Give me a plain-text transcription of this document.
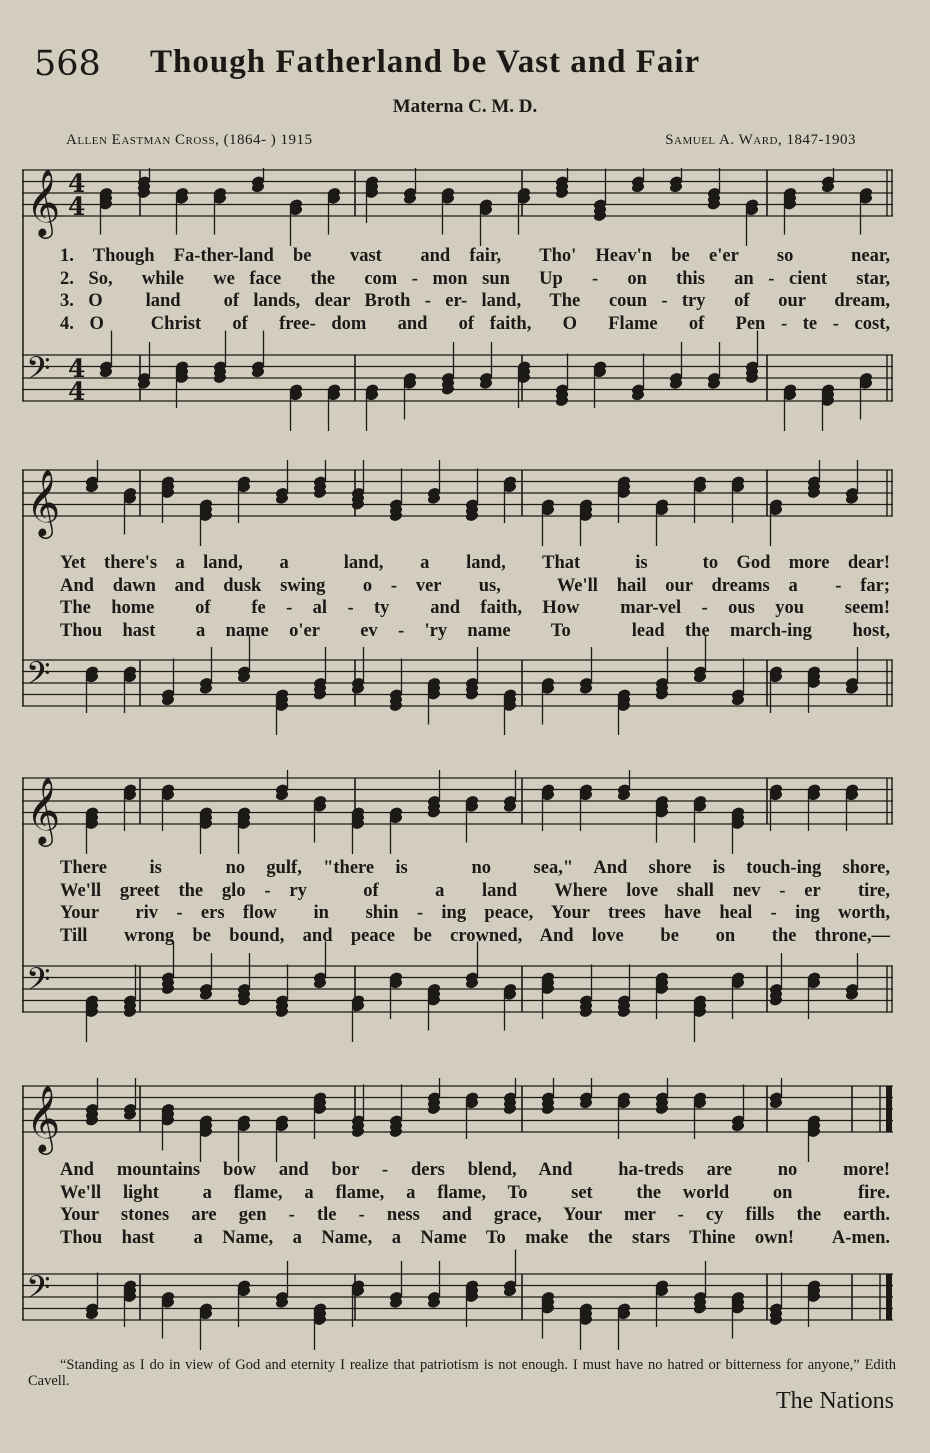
568 Though Fatherland be Vast and Fair
Materna C. M. D.
Allen Eastman Cross, (1864- ) 1915	Samuel A. Ward, 1847-1903
𝄞 4
4
𝄢 4
4
1. Though Fa-ther-land be  vast  and fair,  Tho' Heav'n be e'er  so   near,
2. So,  while  we face  the  com - mon sun  Up  -  on  this  an - cient  star,
3. O   land   of lands, dear Broth - er- land,  The  coun - try  of  our  dream,
4. O   Christ  of  free- dom  and  of faith,  O  Flame  of  Pen - te - cost,
𝄞
𝄢
Yet there's a land,  a   land,  a  land,  That   is   to God more dear!
And dawn and dusk swing  o - ver  us,   We'll hail our dreams a  - far;
The home  of  fe - al - ty  and faith, How  mar-vel - ous you  seem!
Thou hast  a name o'er  ev - 'ry name  To   lead the march-ing  host,
𝄞
𝄢
There  is   no gulf, "there is   no  sea," And shore is touch-ing shore,
We'll greet the glo - ry   of   a  land  Where love shall nev - er  tire,
Your  riv - ers flow  in  shin - ing peace, Your trees have heal - ing worth,
Till  wrong be bound, and peace be crowned, And love  be  on  the throne,—
𝄞
𝄢
And mountains bow and bor - ders blend, And  ha-treds are  no  more!
We'll light  a flame, a flame, a flame, To  set  the world  on   fire.
Your stones are gen - tle - ness and grace, Your mer - cy fills the earth.
Thou hast  a Name, a Name, a Name To make the stars Thine own!  A-men.
“Standing as I do in view of God and eternity I realize that patriotism is not enough. I must have no hatred or bitterness for anyone,” Edith Cavell.
The Nations
